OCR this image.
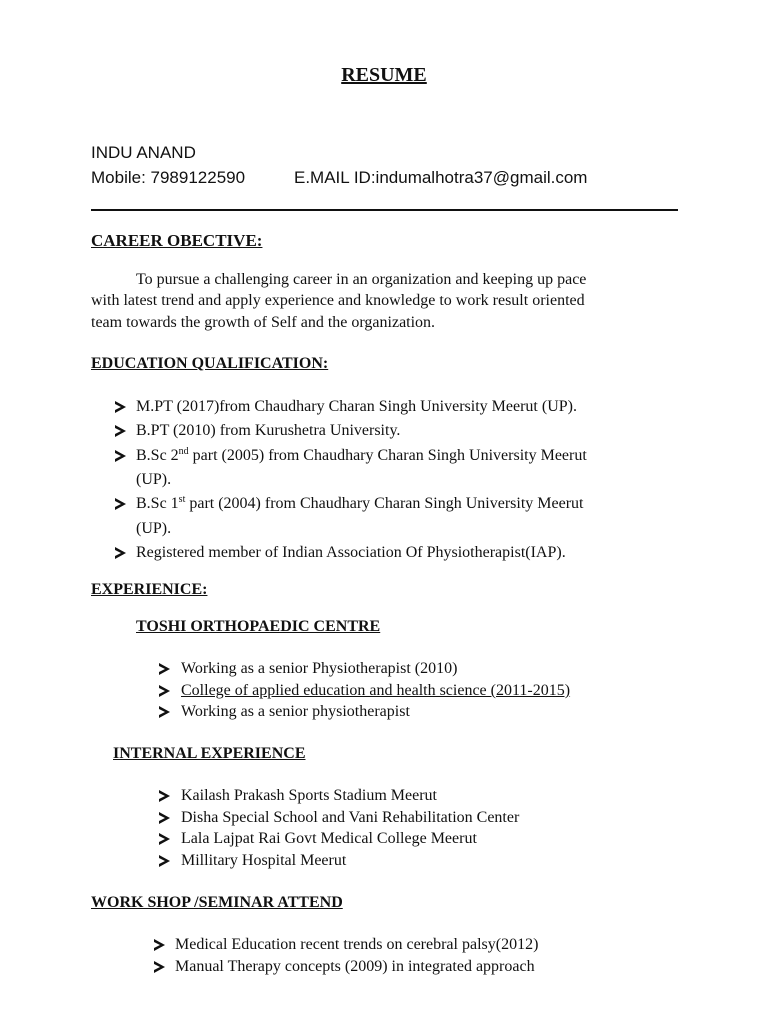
RESUME
INDU ANAND
Mobile: 7989122590	E.MAIL ID:indumalhotra37@gmail.com
CAREER OBECTIVE:
To pursue a challenging career in an organization and keeping up pace
with latest trend and apply experience and knowledge to work result oriented
team towards the growth of Self and the organization.
EDUCATION QUALIFICATION:
M.PT (2017)from Chaudhary Charan Singh University Meerut (UP).
B.PT (2010) from Kurushetra University.
B.Sc 2nd part (2005) from Chaudhary Charan Singh University Meerut
(UP).
B.Sc 1st part (2004) from Chaudhary Charan Singh University Meerut
(UP).
Registered member of Indian Association Of Physiotherapist(IAP).
EXPERIENICE:
TOSHI ORTHOPAEDIC CENTRE
Working as a senior Physiotherapist (2010)
College of applied education and health science (2011-2015)
Working as a senior physiotherapist
INTERNAL EXPERIENCE
Kailash Prakash Sports Stadium Meerut
Disha Special School and Vani Rehabilitation Center
Lala Lajpat Rai Govt Medical College Meerut
Millitary Hospital Meerut
WORK SHOP /SEMINAR ATTEND
Medical Education recent trends on cerebral palsy(2012)
Manual Therapy concepts (2009) in integrated approach
